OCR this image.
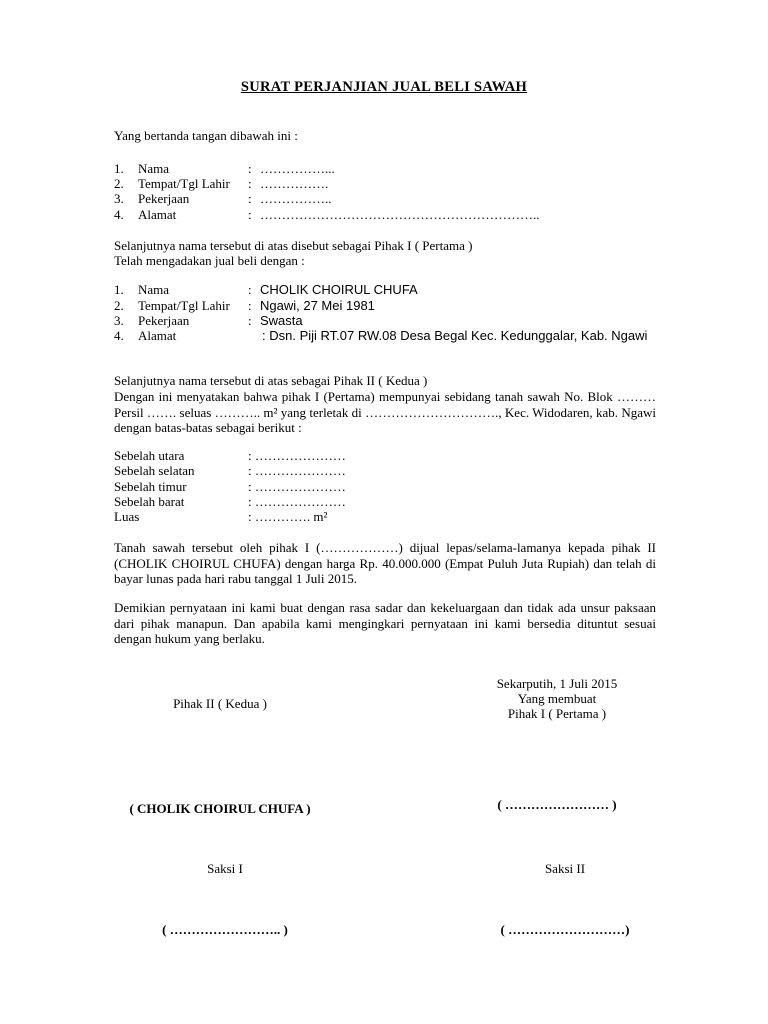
SURAT PERJANJIAN JUAL BELI SAWAH
Yang bertanda tangan dibawah ini :
1. Nama	: ……………...
2. Tempat/Tgl Lahir : …………….
3. Pekerjaan	: ……………..
4. Alamat	: ………………………………………………………..
Selanjutnya nama tersebut di atas disebut sebagai Pihak I ( Pertama )
Telah mengadakan jual beli dengan :
1. Nama	: CHOLIK CHOIRUL CHUFA
2. Tempat/Tgl Lahir : Ngawi, 27 Mei 1981
3. Pekerjaan	: Swasta
4. Alamat	: Dsn. Piji RT.07 RW.08 Desa Begal Kec. Kedunggalar, Kab. Ngawi
Selanjutnya nama tersebut di atas sebagai Pihak II ( Kedua )
Dengan ini menyatakan bahwa pihak I (Pertama) mempunyai sebidang tanah sawah No. Blok ……… Persil ……. seluas ……….. m² yang terletak di …………………………., Kec. Widodaren, kab. Ngawi dengan batas-batas sebagai berikut :
Sebelah utara	: …………………
Sebelah selatan	: …………………
Sebelah timur	: …………………
Sebelah barat	: …………………
Luas	: …………. m²
Tanah sawah tersebut oleh pihak I (………………) dijual lepas/selama-lamanya kepada pihak II (CHOLIK CHOIRUL CHUFA) dengan harga Rp. 40.000.000 (Empat Puluh Juta Rupiah) dan telah di bayar lunas pada hari rabu tanggal 1 Juli 2015.
Demikian pernyataan ini kami buat dengan rasa sadar dan kekeluargaan dan tidak ada unsur paksaan dari pihak manapun. Dan apabila kami mengingkari pernyataan ini kami bersedia dituntut sesuai dengan hukum yang berlaku.
Sekarputih, 1 Juli 2015
Yang membuat
Pihak I ( Pertama )
Pihak II ( Kedua )
( CHOLIK CHOIRUL CHUFA )	( …………………… )
Saksi I	Saksi II
( …………………….. )	( ………………………)
